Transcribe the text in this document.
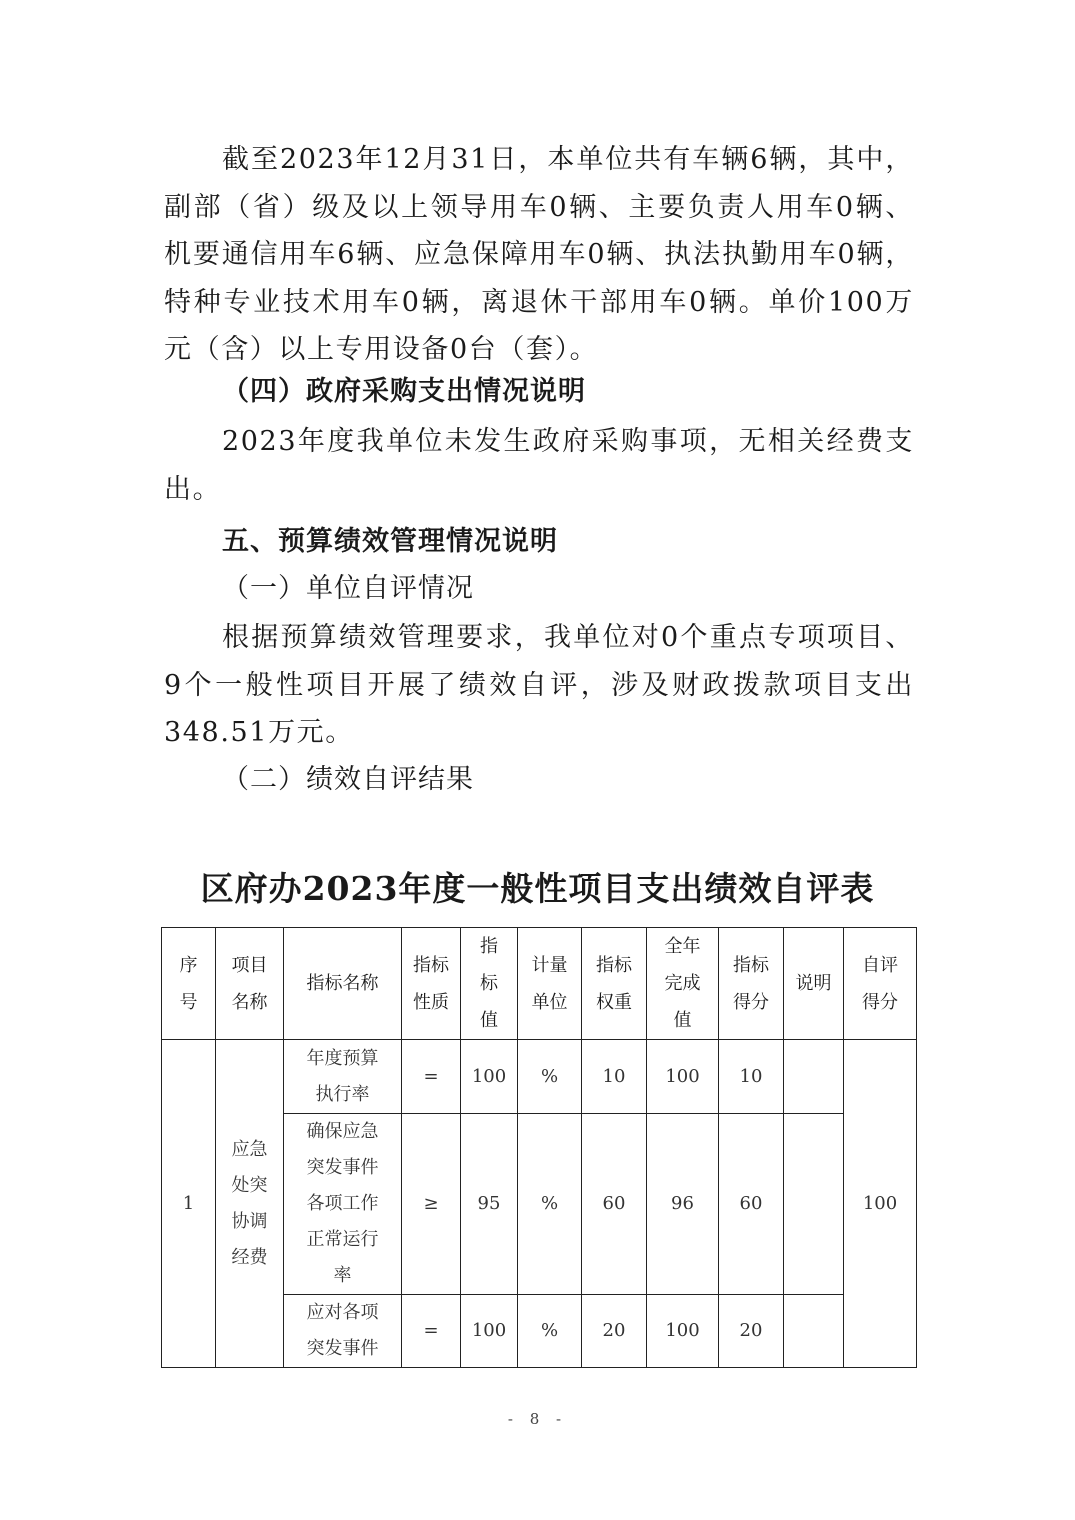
截至2023年12月31日，本单位共有车辆6辆，其中，副部（省）级及以上领导用车0辆、主要负责人用车0辆、机要通信用车6辆、应急保障用车0辆、执法执勤用车0辆，特种专业技术用车0辆，离退休干部用车0辆。单价100万元（含）以上专用设备0台（套）。

（四）政府采购支出情况说明

2023年度我单位未发生政府采购事项，无相关经费支出。

五、预算绩效管理情况说明

（一）单位自评情况

根据预算绩效管理要求，我单位对0个重点专项项目、9个一般性项目开展了绩效自评，涉及财政拨款项目支出348.51万元。

（二）绩效自评结果

区府办2023年度一般性项目支出绩效自评表

序号	项目名称	指标名称	指标性质	指标值	计量单位	指标权重	全年完成值	指标得分	说明	自评得分
1	应急处突协调经费	年度预算执行率	=	100	%	10	100	10		100
		确保应急突发事件各项工作正常运行率	≥	95	%	60	96	60		
		应对各项突发事件	=	100	%	20	100	20		

- 8 -
